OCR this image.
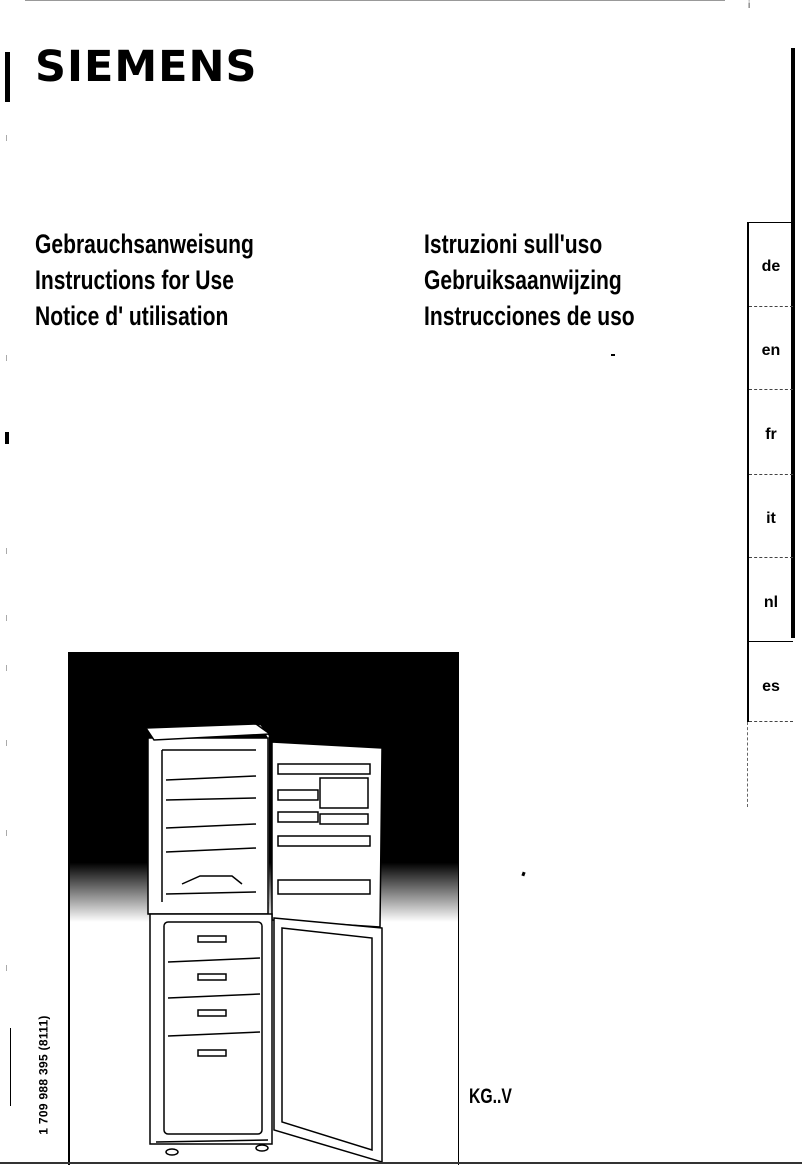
i
SIEMENS
Gebrauchsanweisung
Instructions for Use
Notice d' utilisation
Istruzioni sull'uso
Gebruiksaanwijzing
Instrucciones de uso
de
en
fr
it
nl
es
1 709 988 395 (8111)	KG..V
